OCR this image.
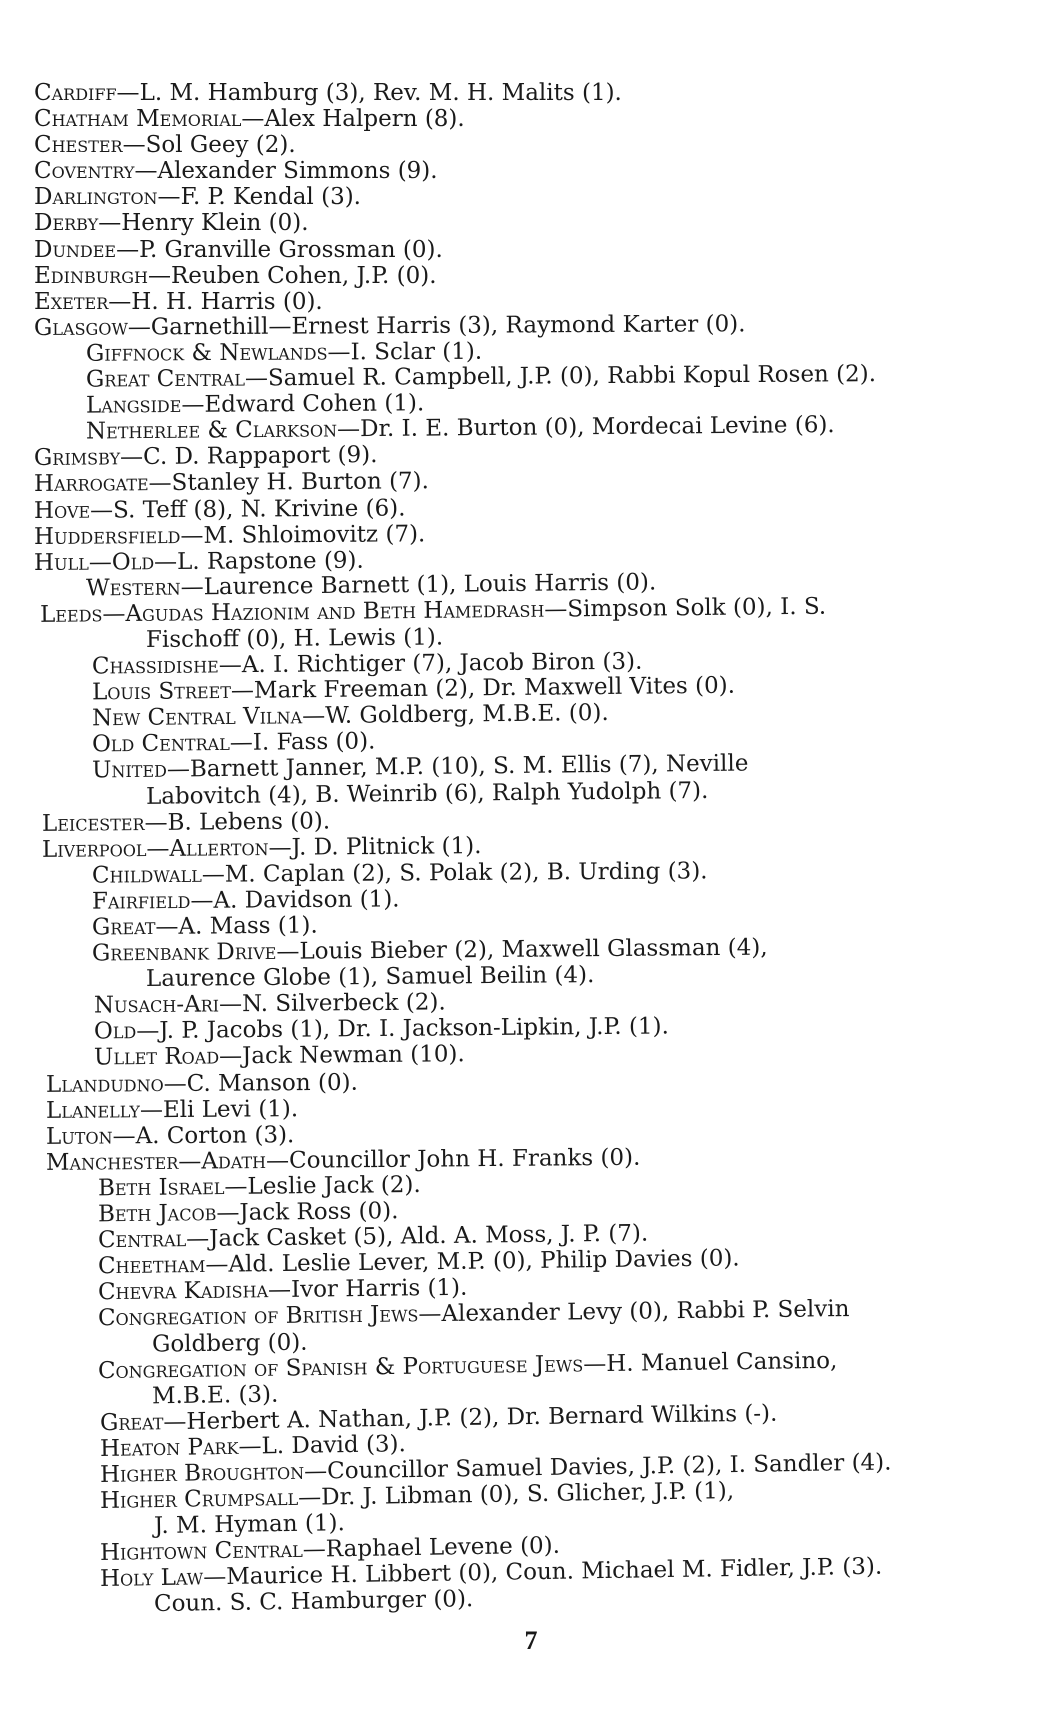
Cardiff—L. M. Hamburg (3), Rev. M. H. Malits (1).
Chatham Memorial—Alex Halpern (8).
Chester—Sol Geey (2).
Coventry—Alexander Simmons (9).
Darlington—F. P. Kendal (3).
Derby—Henry Klein (0).
Dundee—P. Granville Grossman (0).
Edinburgh—Reuben Cohen, J.P. (0).
Exeter—H. H. Harris (0).
Glasgow—Garnethill—Ernest Harris (3), Raymond Karter (0).
Giffnock & Newlands—I. Sclar (1).
Great Central—Samuel R. Campbell, J.P. (0), Rabbi Kopul Rosen (2).
Langside—Edward Cohen (1).
Netherlee & Clarkson—Dr. I. E. Burton (0), Mordecai Levine (6).
Grimsby—C. D. Rappaport (9).
Harrogate—Stanley H. Burton (7).
Hove—S. Teff (8), N. Krivine (6).
Huddersfield—M. Shloimovitz (7).
Hull—Old—L. Rapstone (9).
Western—Laurence Barnett (1), Louis Harris (0).
Leeds—Agudas Hazionim and Beth Hamedrash—Simpson Solk (0), I. S.
Fischoff (0), H. Lewis (1).
Chassidishe—A. I. Richtiger (7), Jacob Biron (3).
Louis Street—Mark Freeman (2), Dr. Maxwell Vites (0).
New Central Vilna—W. Goldberg, M.B.E. (0).
Old Central—I. Fass (0).
United—Barnett Janner, M.P. (10), S. M. Ellis (7), Neville
Labovitch (4), B. Weinrib (6), Ralph Yudolph (7).
Leicester—B. Lebens (0).
Liverpool—Allerton—J. D. Plitnick (1).
Childwall—M. Caplan (2), S. Polak (2), B. Urding (3).
Fairfield—A. Davidson (1).
Great—A. Mass (1).
Greenbank Drive—Louis Bieber (2), Maxwell Glassman (4),
Laurence Globe (1), Samuel Beilin (4).
Nusach-Ari—N. Silverbeck (2).
Old—J. P. Jacobs (1), Dr. I. Jackson-Lipkin, J.P. (1).
Ullet Road—Jack Newman (10).
Llandudno—C. Manson (0).
Llanelly—Eli Levi (1).
Luton—A. Corton (3).
Manchester—Adath—Councillor John H. Franks (0).
Beth Israel—Leslie Jack (2).
Beth Jacob—Jack Ross (0).
Central—Jack Casket (5), Ald. A. Moss, J. P. (7).
Cheetham—Ald. Leslie Lever, M.P. (0), Philip Davies (0).
Chevra Kadisha—Ivor Harris (1).
Congregation of British Jews—Alexander Levy (0), Rabbi P. Selvin
Goldberg (0).
Congregation of Spanish & Portuguese Jews—H. Manuel Cansino,
M.B.E. (3).
Great—Herbert A. Nathan, J.P. (2), Dr. Bernard Wilkins (-).
Heaton Park—L. David (3).
Higher Broughton—Councillor Samuel Davies, J.P. (2), I. Sandler (4).
Higher Crumpsall—Dr. J. Libman (0), S. Glicher, J.P. (1),
J. M. Hyman (1).
Hightown Central—Raphael Levene (0).
Holy Law—Maurice H. Libbert (0), Coun. Michael M. Fidler, J.P. (3).
Coun. S. C. Hamburger (0).
7
